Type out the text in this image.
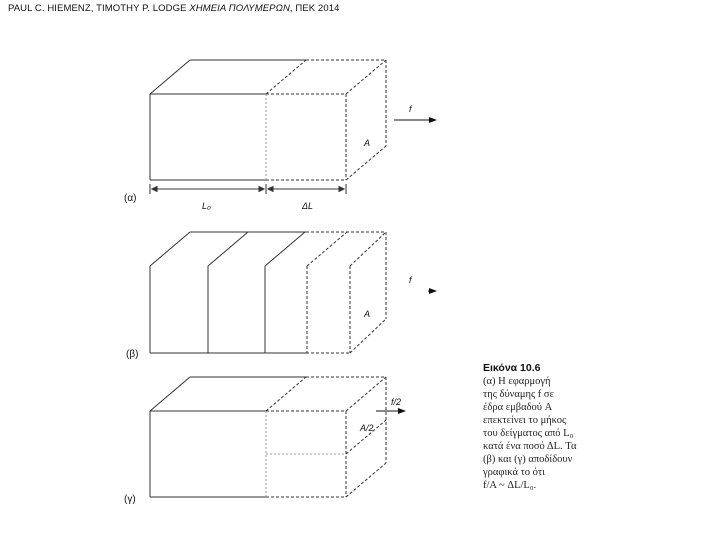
PAUL C. HIEMENZ, TIMOTHY P. LODGE ΧΗΜΕΙΑ ΠΟΛΥΜΕΡΩΝ, ΠΕΚ 2014
L₀	ΔL
(α)
A
f
(β)
A
f
(γ)
A/2
f/2
Εικόνα 10.6
(α) Η εφαρμογή
της δύναμης f σε
έδρα εμβαδού A
επεκτείνει το μήκος
του δείγματος από L₀
κατά ένα ποσό ΔL. Τα
(β) και (γ) αποδίδουν
γραφικά το ότι
f/A ~ ΔL/L₀.
